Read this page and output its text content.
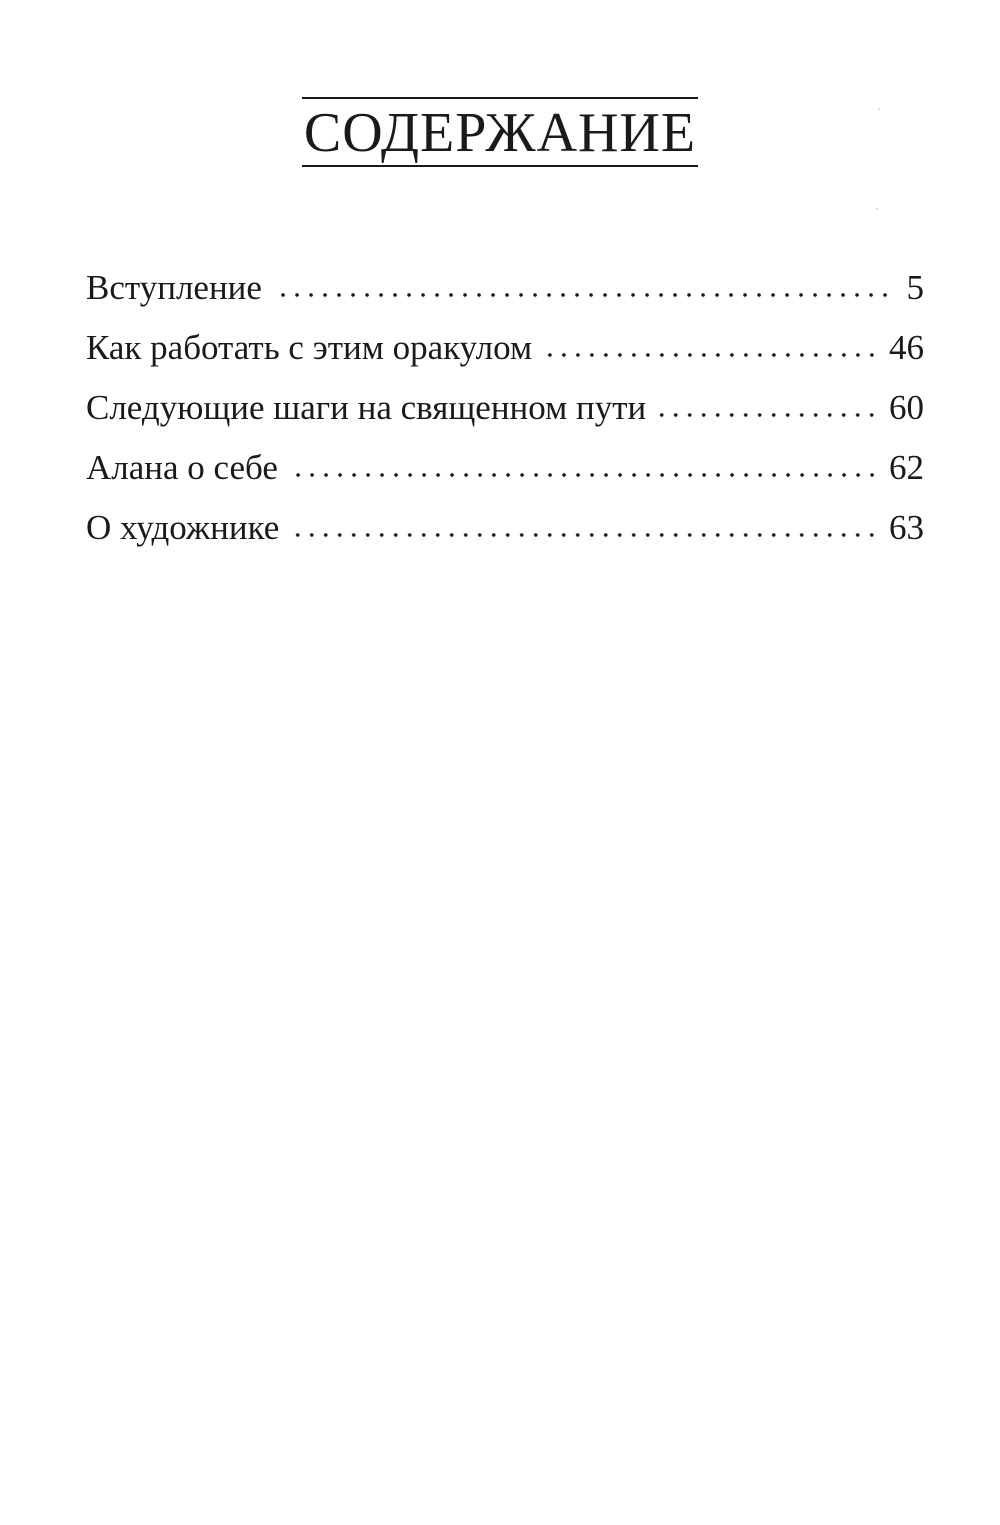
СОДЕРЖАНИЕ
Вступление	5
Как работать с этим оракулом	46
Следующие шаги на священном пути	60
Алана о себе	62
О художнике	63
